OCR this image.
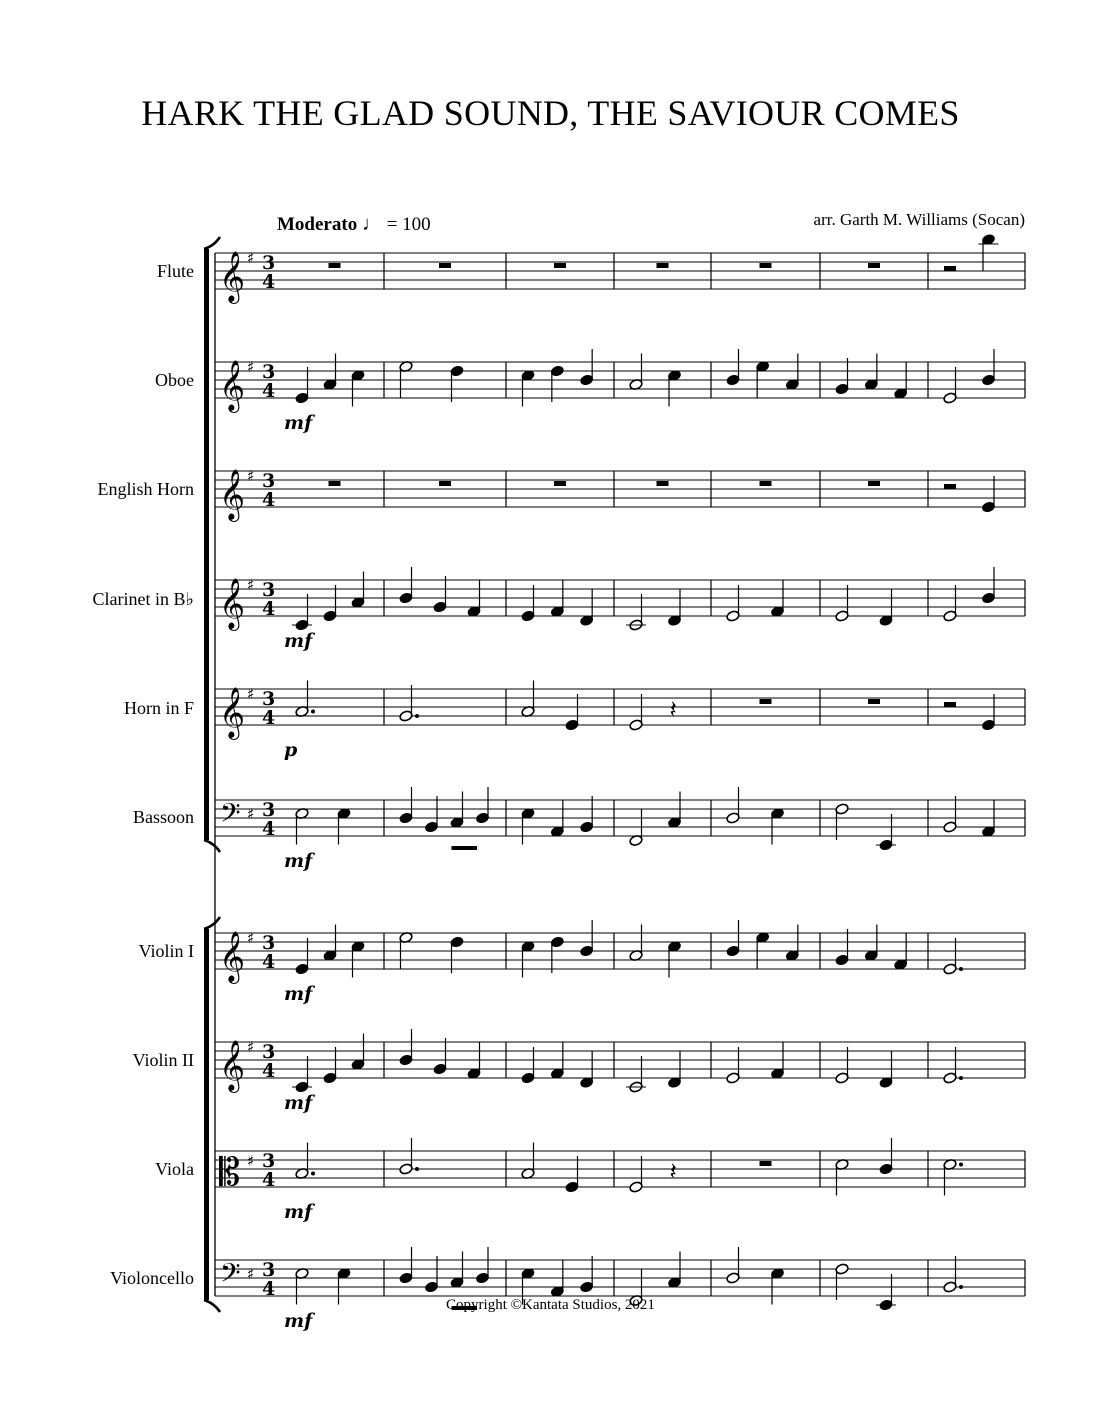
HARK THE GLAD SOUND, THE SAVIOUR COMES
Moderato ♩ = 100	arr. Garth M. Williams (Socan)
Flute
Oboe
English Horn
Clarinet in B♭
Horn in F
Bassoon
Violin I
Violin II
Viola
Violoncello
𝄞 ♯ 3
4
𝄞 ♯ 3
4
mf
𝄞 ♯ 3
4
𝄞 ♯ 3
4
mf
𝄞 ♯ 3
4
p
𝄽
𝄢 ♯ 3
4
mf
𝄞 ♯ 3
4
mf
𝄞 ♯ 3
4
mf
𝄡 ♯ 3
4
mf
𝄽
𝄢 ♯ 3
4
mf
Copyright ©Kantata Studios, 2021
